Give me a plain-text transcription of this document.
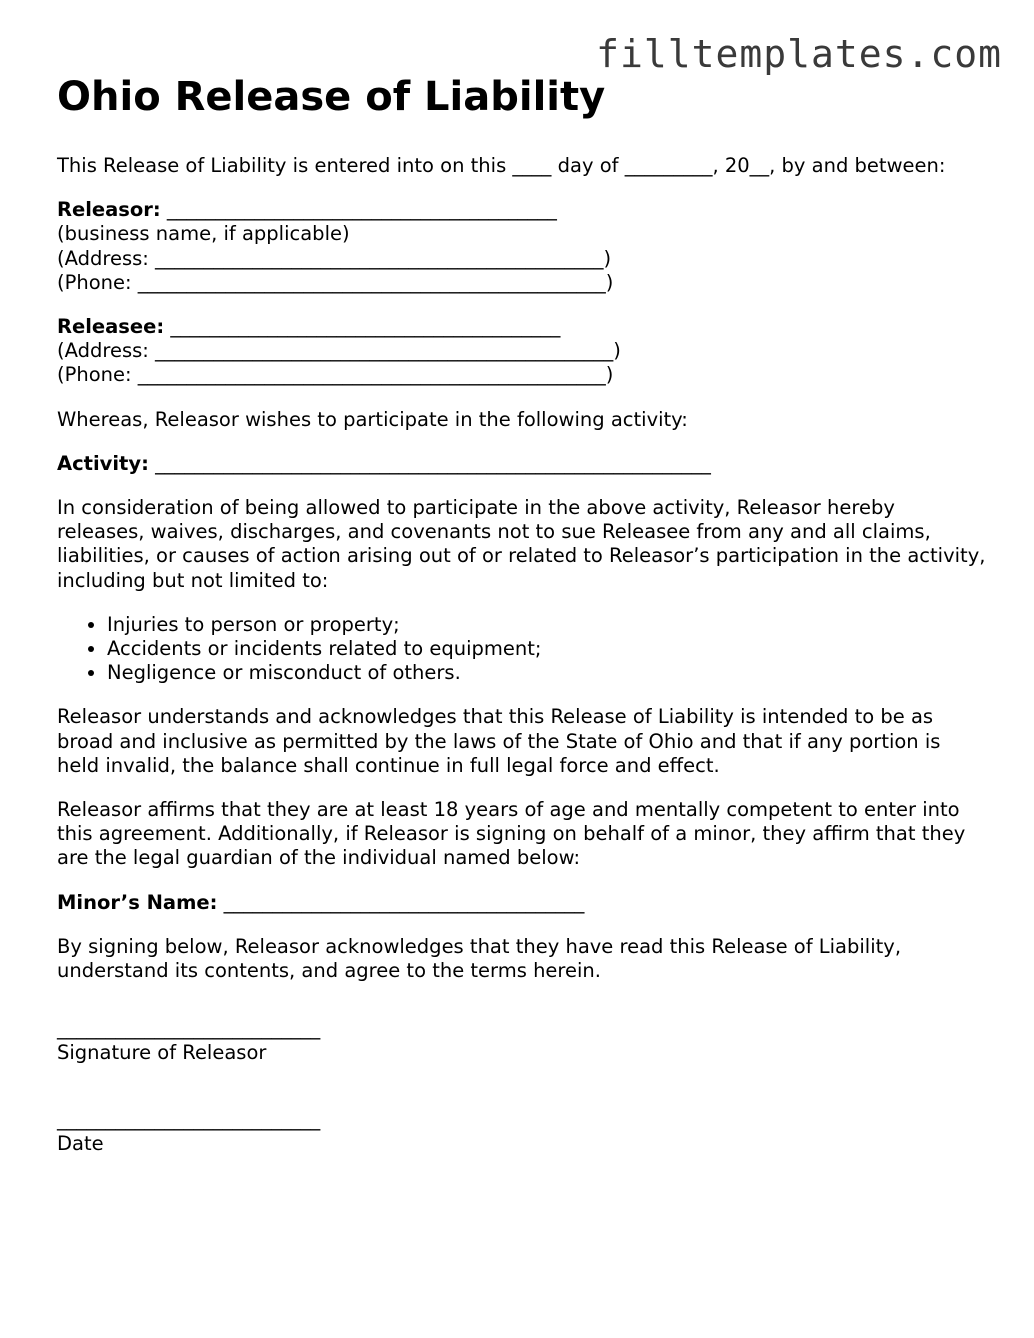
filltemplates.com
Ohio Release of Liability

This Release of Liability is entered into on this ____ day of _________, 20__, by and between:

Releasor: ________________________________________
(business name, if applicable)
(Address: ______________________________________________)
(Phone: ________________________________________________)
Releasee: ________________________________________
(Address: _______________________________________________)
(Phone: ________________________________________________)

Whereas, Releasor wishes to participate in the following activity:

Activity: _________________________________________________________

In consideration of being allowed to participate in the above activity, Releasor hereby releases, waives, discharges, and covenants not to sue Releasee from any and all claims, liabilities, or causes of action arising out of or related to Releasor’s participation in the activity, including but not limited to:

• Injuries to person or property;
• Accidents or incidents related to equipment;
• Negligence or misconduct of others.

Releasor understands and acknowledges that this Release of Liability is intended to be as broad and inclusive as permitted by the laws of the State of Ohio and that if any portion is held invalid, the balance shall continue in full legal force and effect.

Releasor affirms that they are at least 18 years of age and mentally competent to enter into this agreement. Additionally, if Releasor is signing on behalf of a minor, they affirm that they are the legal guardian of the individual named below:

Minor’s Name: _____________________________________

By signing below, Releasor acknowledges that they have read this Release of Liability, understand its contents, and agree to the terms herein.

___________________________
Signature of Releasor
___________________________
Date
